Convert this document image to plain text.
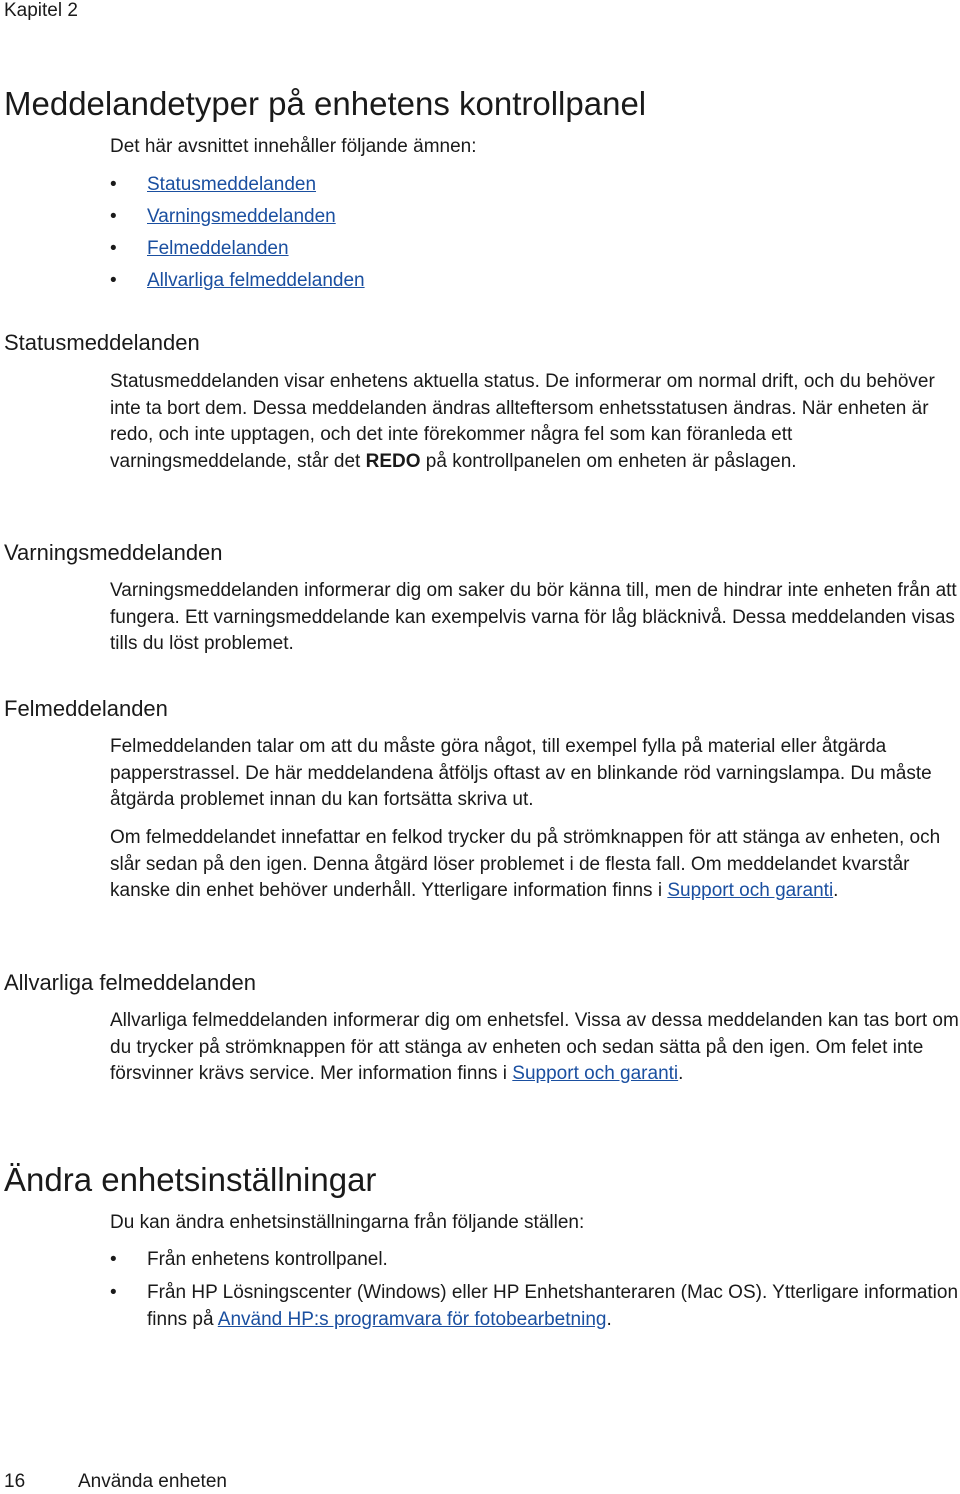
Kapitel 2
Meddelandetyper på enhetens kontrollpanel

Det här avsnittet innehåller följande ämnen:

• Statusmeddelanden
• Varningsmeddelanden
• Felmeddelanden
• Allvarliga felmeddelanden
Statusmeddelanden

Statusmeddelanden visar enhetens aktuella status. De informerar om normal drift, och du behöver inte ta bort dem. Dessa meddelanden ändras allteftersom enhetsstatusen ändras. När enheten är redo, och inte upptagen, och det inte förekommer några fel som kan föranleda ett varningsmeddelande, står det REDO på kontrollpanelen om enheten är påslagen.

Varningsmeddelanden

Varningsmeddelanden informerar dig om saker du bör känna till, men de hindrar inte enheten från att fungera. Ett varningsmeddelande kan exempelvis varna för låg bläcknivå. Dessa meddelanden visas tills du löst problemet.

Felmeddelanden

Felmeddelanden talar om att du måste göra något, till exempel fylla på material eller åtgärda papperstrassel. De här meddelandena åtföljs oftast av en blinkande röd varningslampa. Du måste åtgärda problemet innan du kan fortsätta skriva ut.

Om felmeddelandet innefattar en felkod trycker du på strömknappen för att stänga av enheten, och slår sedan på den igen. Denna åtgärd löser problemet i de flesta fall. Om meddelandet kvarstår kanske din enhet behöver underhåll. Ytterligare information finns i Support och garanti.

Allvarliga felmeddelanden

Allvarliga felmeddelanden informerar dig om enhetsfel. Vissa av dessa meddelanden kan tas bort om du trycker på strömknappen för att stänga av enheten och sedan sätta på den igen. Om felet inte försvinner krävs service. Mer information finns i Support och garanti.

Ändra enhetsinställningar

Du kan ändra enhetsinställningarna från följande ställen:

• Från enhetens kontrollpanel.
• Från HP Lösningscenter (Windows) eller HP Enhetshanteraren (Mac OS). Ytterligare information finns på Använd HP:s programvara för fotobearbetning.
16	Använda enheten
